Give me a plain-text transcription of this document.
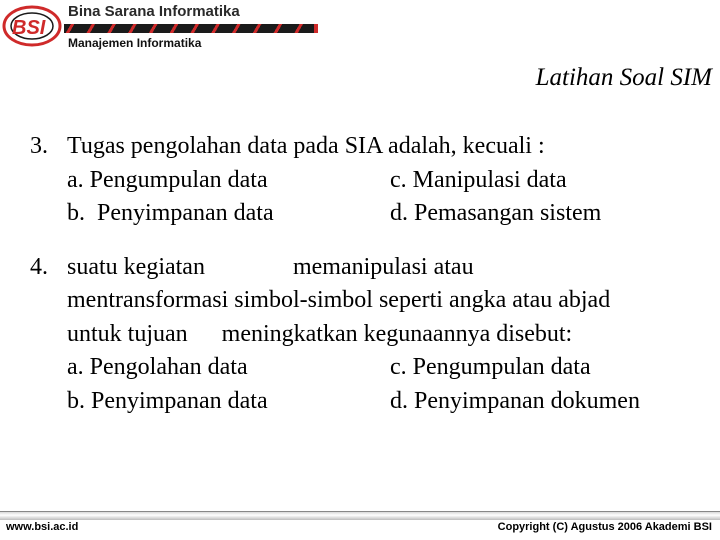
BSI
Bina Sarana Informatika
Manajemen Informatika
Latihan Soal SIM
3. Tugas pengolahan data pada SIA adalah, kecuali :
a. Pengumpulan data	c. Manipulasi data
b.  Penyimpanan data	d. Pemasangan sistem
4. suatu kegiatan	memanipulasi atau
mentransformasi simbol-simbol seperti angka atau abjad
untuk tujuan meningkatkan kegunaannya disebut:
a. Pengolahan data	c. Pengumpulan data
b. Penyimpanan data	d. Penyimpanan dokumen
www.bsi.ac.id	Copyright (C) Agustus 2006 Akademi BSI
